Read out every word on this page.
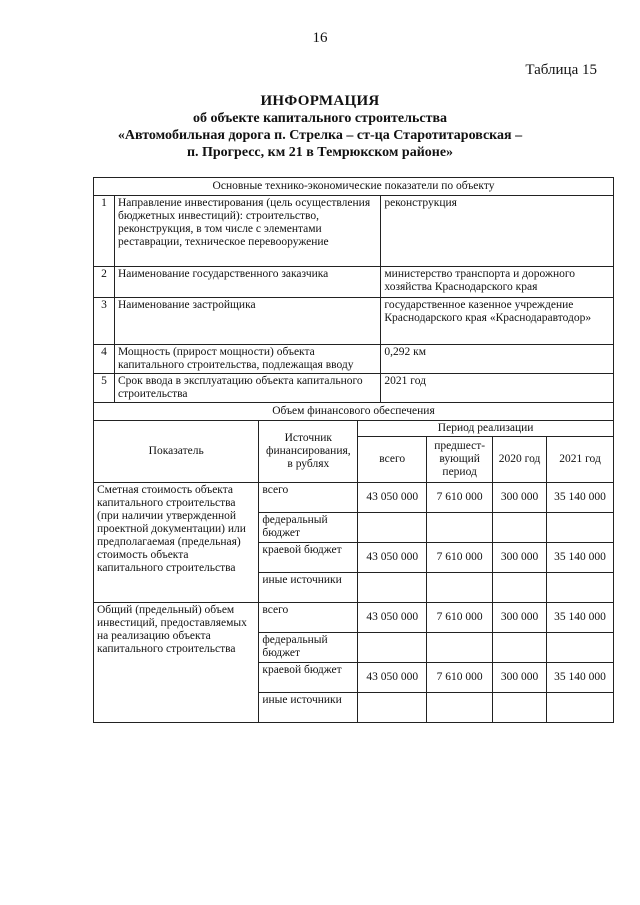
16
Таблица 15
ИНФОРМАЦИЯ
об объекте капитального строительства
«Автомобильная дорога п. Стрелка – ст-ца Старотитаровская –
п. Прогресс, км 21 в Темрюкском районе»
Основные технико-экономические показатели по объекту		
1	Направление инвестирования (цель осуществления бюджетных инвестиций): строительство, реконструкция, в том числе с элементами реставрации, техническое перевооружение	реконструкция
2	Наименование государственного заказчика	министерство транспорта и дорожного хозяйства Краснодарского края
3	Наименование застройщика	государственное казенное учреждение Краснодарского края «Краснодаравтодор»
4	Мощность (прирост мощности) объекта капитального строительства, подлежащая вводу	0,292 км
5	Срок ввода в эксплуатацию объекта капитального строительства	2021 год
Объем финансового обеспечения					
Показатель	Источник финансирования, в рублях	Период реализации			
		всего	предшест-вующий период	2020 год	2021 год
Сметная стоимость объекта капитального строительства (при наличии утвержденной проектной документации) или предполагаемая (предельная) стоимость объекта капитального строительства	всего	43 050 000	7 610 000	300 000	35 140 000
	федеральный бюджет				
	краевой бюджет	43 050 000	7 610 000	300 000	35 140 000
	иные источники				
Общий (предельный) объем инвестиций, предоставляемых на реализацию объекта капитального строительства	всего	43 050 000	7 610 000	300 000	35 140 000
	федеральный бюджет				
	краевой бюджет	43 050 000	7 610 000	300 000	35 140 000
	иные источники				
